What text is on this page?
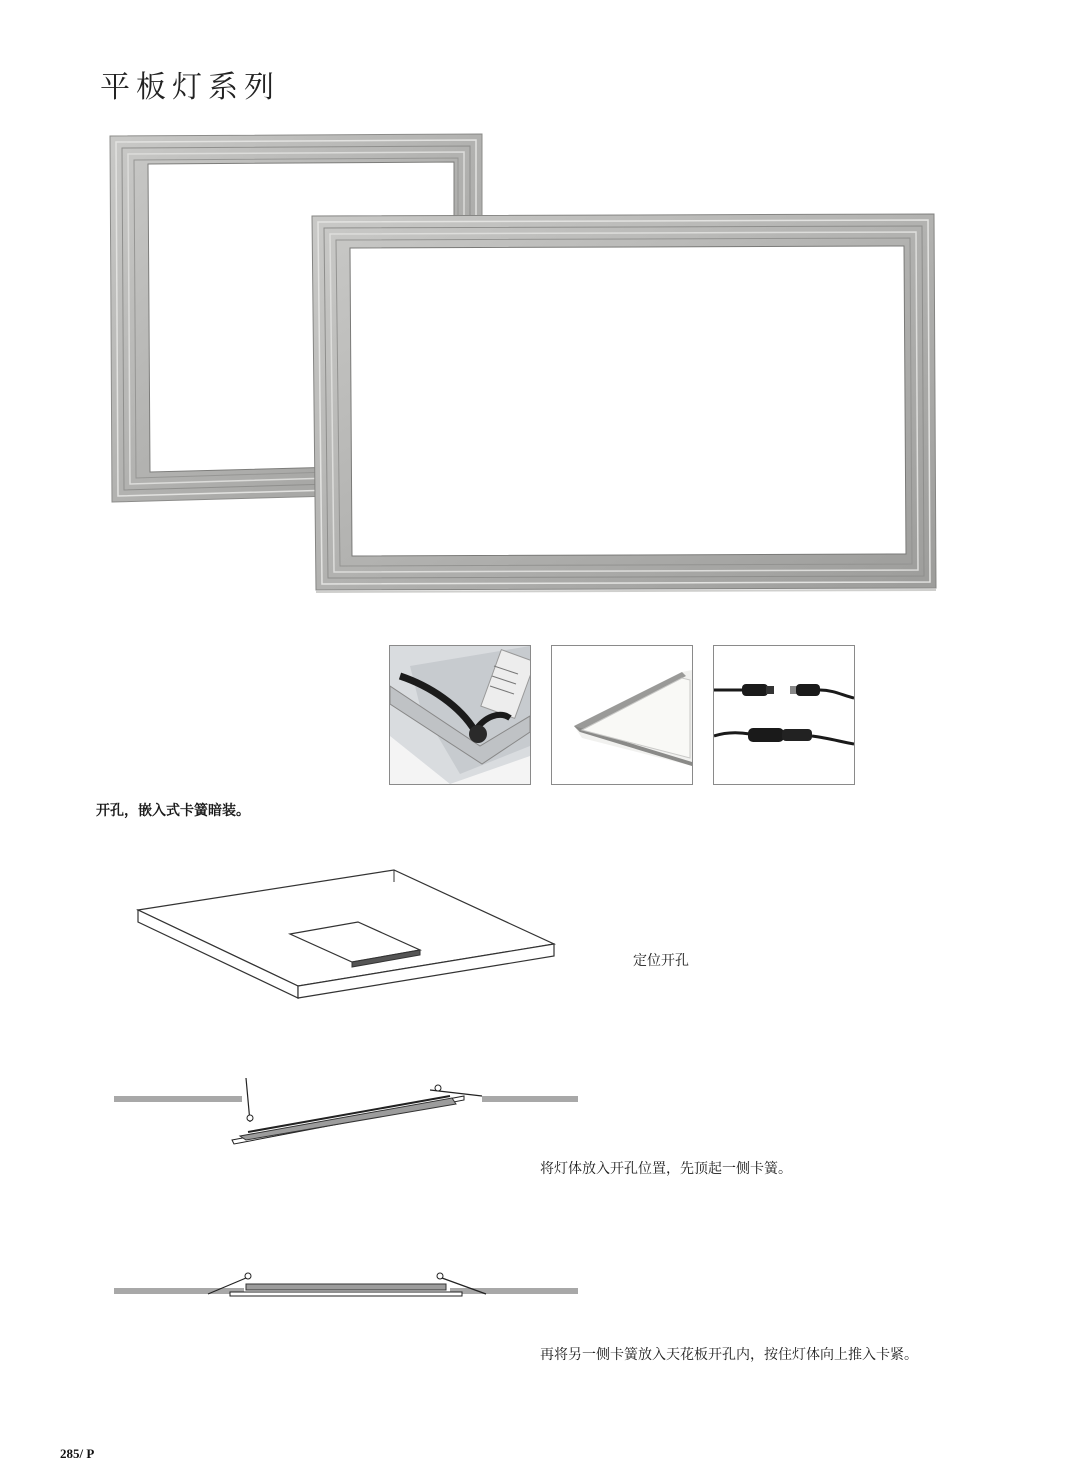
平板灯系列
开孔，嵌入式卡簧暗装。
定位开孔
将灯体放入开孔位置，先顶起一侧卡簧。
再将另一侧卡簧放入天花板开孔内，按住灯体向上推入卡紧。
285/ P
